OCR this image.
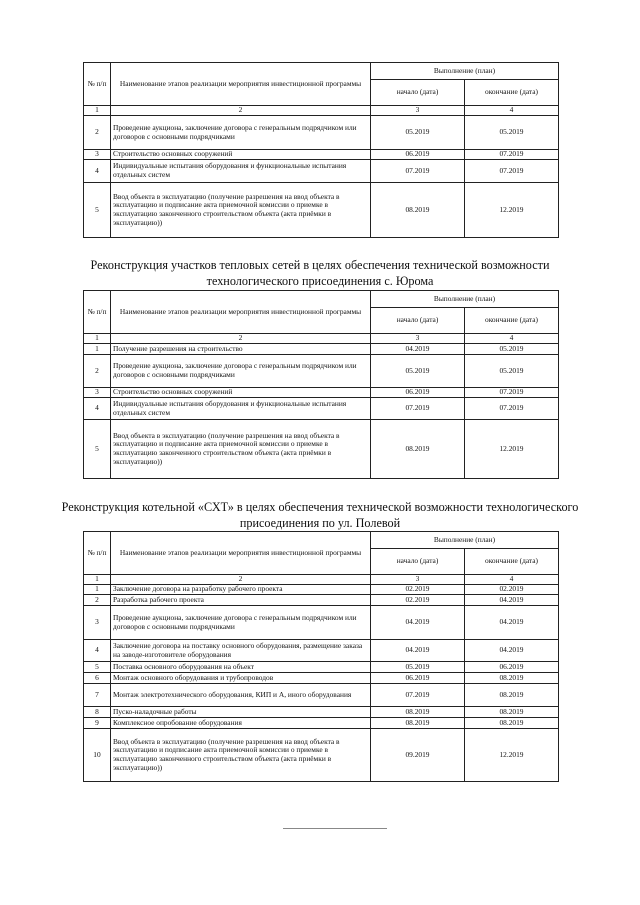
№ п/п	Наименование этапов реализации мероприятия инвестиционной программы	Выполнение (план)	
		начало (дата)	окончание (дата)
1	2	3	4
2	Проведение аукциона, заключение договора с генеральным подрядчиком или договоров с основными подрядчиками	05.2019	05.2019
3	Строительство основных сооружений	06.2019	07.2019
4	Индивидуальные испытания оборудования и функциональные испытания отдельных систем	07.2019	07.2019
5	Ввод объекта в эксплуатацию (получение разрешения на ввод объекта в эксплуатацию и подписание акта приемочной комиссии о приемке в эксплуатацию законченного строительством объекта (акта приёмки в эксплуатацию))	08.2019	12.2019
Реконструкция участков тепловых сетей в целях обеспечения технической возможности технологического присоединения с. Юрома
№ п/п	Наименование этапов реализации мероприятия инвестиционной программы	Выполнение (план)	
		начало (дата)	окончание (дата)
1	2	3	4
1	Получение разрешения на строительство	04.2019	05.2019
2	Проведение аукциона, заключение договора с генеральным подрядчиком или договоров с основными подрядчиками	05.2019	05.2019
3	Строительство основных сооружений	06.2019	07.2019
4	Индивидуальные испытания оборудования и функциональные испытания отдельных систем	07.2019	07.2019
5	Ввод объекта в эксплуатацию (получение разрешения на ввод объекта в эксплуатацию и подписание акта приемочной комиссии о приемке в эксплуатацию законченного строительством объекта (акта приёмки в эксплуатацию))	08.2019	12.2019
Реконструкция котельной «СХТ» в целях обеспечения технической возможности технологического присоединения по ул. Полевой
№ п/п	Наименование этапов реализации мероприятия инвестиционной программы	Выполнение (план)	
		начало (дата)	окончание (дата)
1	2	3	4
1	Заключение договора на разработку рабочего проекта	02.2019	02.2019
2	Разработка рабочего проекта	02.2019	04.2019
3	Проведение аукциона, заключение договора с генеральным подрядчиком или договоров с основными подрядчиками	04.2019	04.2019
4	Заключение договора на поставку основного оборудования, размещение заказа на заводе-изготовителе оборудования	04.2019	04.2019
5	Поставка основного оборудования на объект	05.2019	06.2019
6	Монтаж основного оборудования и трубопроводов	06.2019	08.2019
7	Монтаж электротехнического оборудования, КИП и А, иного оборудования	07.2019	08.2019
8	Пуско-наладочные работы	08.2019	08.2019
9	Комплексное опробование оборудования	08.2019	08.2019
10	Ввод объекта в эксплуатацию (получение разрешения на ввод объекта в эксплуатацию и подписание акта приемочной комиссии о приемке в эксплуатацию законченного строительством объекта (акта приёмки в эксплуатацию))	09.2019	12.2019
